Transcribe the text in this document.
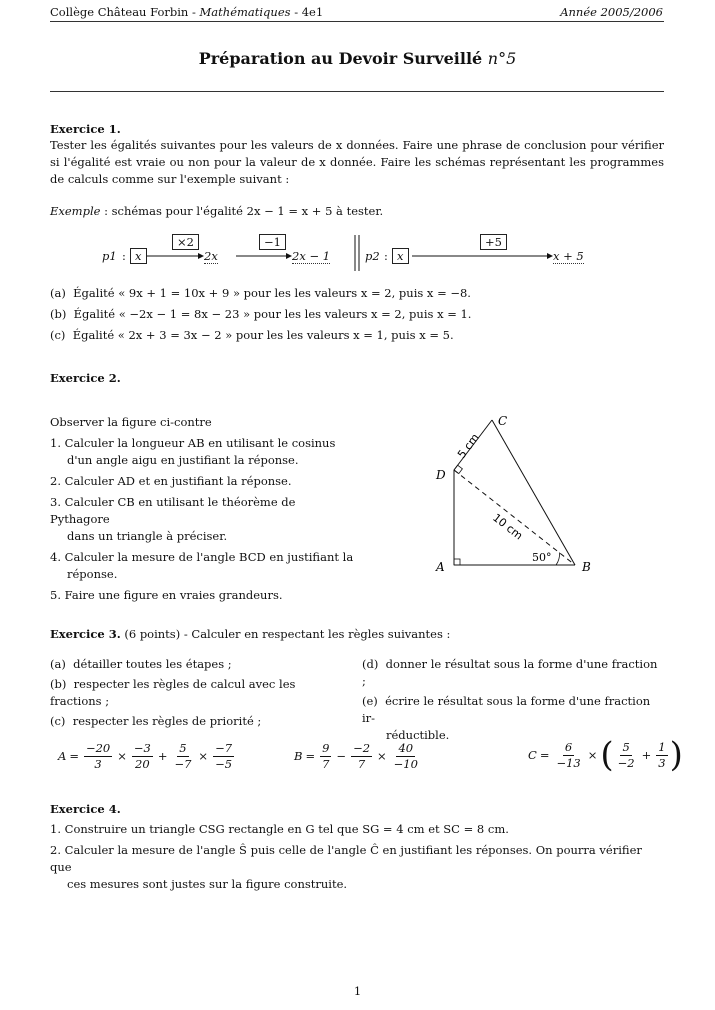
Collège Château Forbin - Mathématiques - 4e1	Année 2005/2006
Préparation au Devoir Surveillé n°5
Exercice 1.
Tester les égalités suivantes pour les valeurs de x données. Faire une phrase de conclusion pour vérifier si l'égalité est vraie ou non pour la valeur de x donnée. Faire les schémas représentant les programmes de calculs comme sur l'exemple suivant :
Exemple : schémas pour l'égalité 2x − 1 = x + 5 à tester.
p1 : x
×2
2x
−1
2x − 1	p2 : x
+5
x + 5
(a) Égalité « 9x + 1 = 10x + 9 » pour les les valeurs x = 2, puis x = −8.
(b) Égalité « −2x − 1 = 8x − 23 » pour les les valeurs x = 2, puis x = 1.
(c) Égalité « 2x + 3 = 3x − 2 » pour les les valeurs x = 1, puis x = 5.
Exercice 2.
Observer la figure ci-contre
1. Calculer la longueur AB en utilisant le cosinus
d'un angle aigu en justifiant la réponse.
2. Calculer AD et en justifiant la réponse.
3. Calculer CB en utilisant le théorème de Pythagore
dans un triangle à préciser.
4. Calculer la mesure de l'angle BCD en justifiant la
réponse.
5. Faire une figure en vraies grandeurs.
C
D
A	B
50°
5 cm
10 cm
Exercice 3. (6 points) - Calculer en respectant les règles suivantes :
(a) détailler toutes les étapes ;
(b) respecter les règles de calcul avec les fractions ;
(c) respecter les règles de priorité ;
(d) donner le résultat sous la forme d'une fraction ;
(e) écrire le résultat sous la forme d'une fraction ir-
réductible.
$A = \frac{-20}{3} \times \frac{-3}{20} + \frac{5}{-7} \times \frac{-7}{-5}$	$B = \frac{9}{7} - \frac{-2}{7} \times \frac{40}{-10}$	$C = \frac{6}{-13}$ × ( $\frac{5}{-2} + \frac{1}{3}$ )
Exercice 4.
1. Construire un triangle CSG rectangle en G tel que SG = 4 cm et SC = 8 cm.
2. Calculer la mesure de l'angle Ŝ puis celle de l'angle Ĉ en justifiant les réponses. On pourra vérifier que
ces mesures sont justes sur la figure construite.
1
